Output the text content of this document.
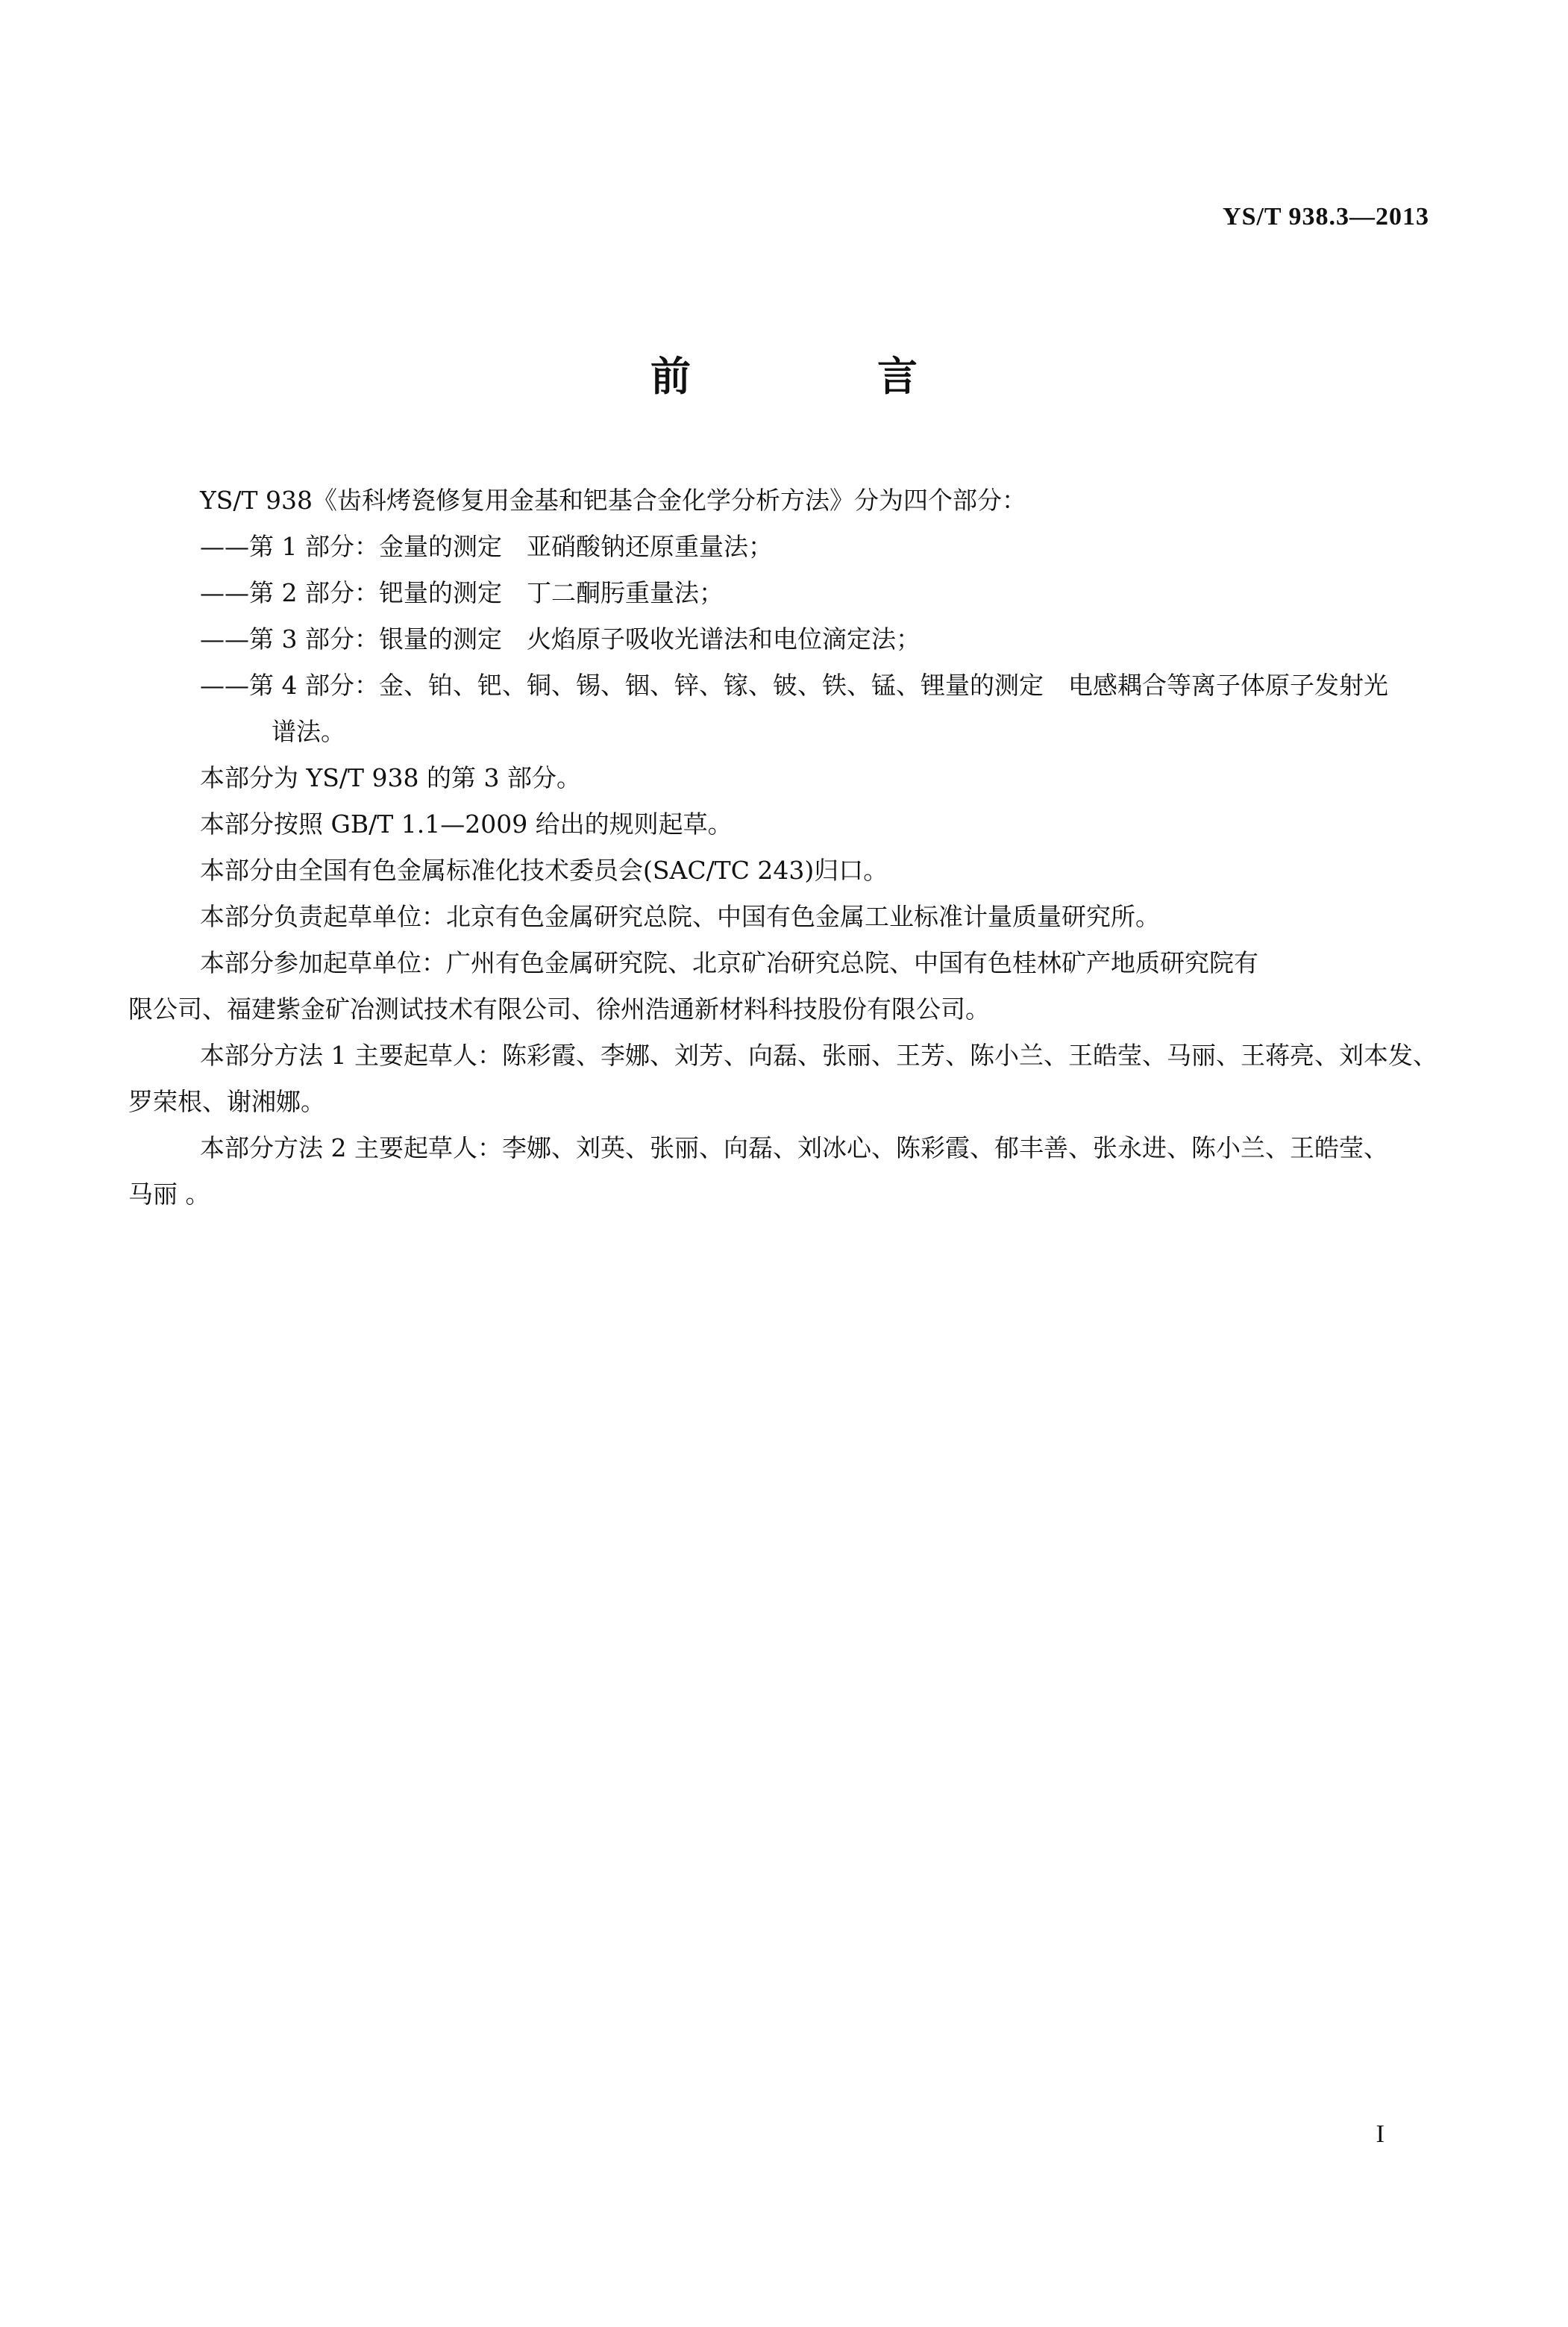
YS/T 938.3—2013
前　言

YS/T 938《齿科烤瓷修复用金基和钯基合金化学分析方法》分为四个部分：

——第 1 部分：金量的测定　亚硝酸钠还原重量法；

——第 2 部分：钯量的测定　丁二酮肟重量法；

——第 3 部分：银量的测定　火焰原子吸收光谱法和电位滴定法；

——第 4 部分：金、铂、钯、铜、锡、铟、锌、镓、铍、铁、锰、锂量的测定　电感耦合等离子体原子发射光

谱法。

本部分为 YS/T 938 的第 3 部分。

本部分按照 GB/T 1.1—2009 给出的规则起草。

本部分由全国有色金属标准化技术委员会(SAC/TC 243)归口。

本部分负责起草单位：北京有色金属研究总院、中国有色金属工业标准计量质量研究所。

本部分参加起草单位：广州有色金属研究院、北京矿冶研究总院、中国有色桂林矿产地质研究院有

限公司、福建紫金矿冶测试技术有限公司、徐州浩通新材料科技股份有限公司。

本部分方法 1 主要起草人：陈彩霞、李娜、刘芳、向磊、张丽、王芳、陈小兰、王皓莹、马丽、王蒋亮、刘本发、

罗荣根、谢湘娜。

本部分方法 2 主要起草人：李娜、刘英、张丽、向磊、刘冰心、陈彩霞、郁丰善、张永进、陈小兰、王皓莹、

马丽 。

I
